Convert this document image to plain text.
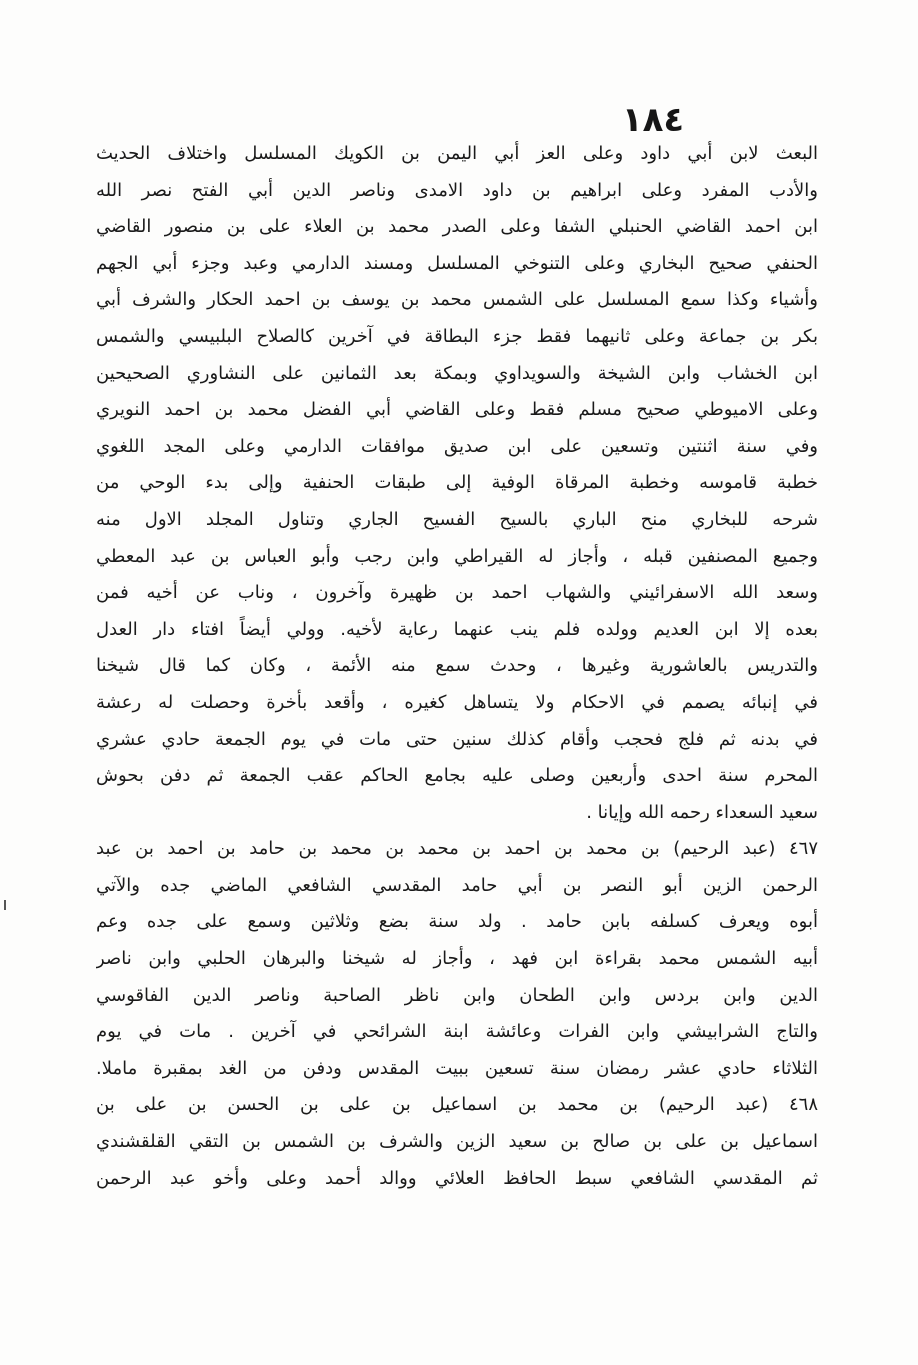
١٨٤
البعث لابن أبي داود وعلى العز أبي اليمن بن الكويك المسلسل واختلاف الحديث
والأدب المفرد وعلى ابراهيم بن داود الامدى وناصر الدين أبي الفتح نصر الله
ابن احمد القاضي الحنبلي الشفا وعلى الصدر محمد بن العلاء على بن منصور القاضي
الحنفي صحيح البخاري وعلى التنوخي المسلسل ومسند الدارمي وعبد وجزء أبي الجهم
وأشياء وكذا سمع المسلسل على الشمس محمد بن يوسف بن احمد الحكار والشرف أبي
بكر بن جماعة وعلى ثانيهما فقط جزء البطاقة في آخرين كالصلاح البلبيسي والشمس
ابن الخشاب وابن الشيخة والسويداوي وبمكة بعد الثمانين على النشاوري الصحيحين
وعلى الاميوطي صحيح مسلم فقط وعلى القاضي أبي الفضل محمد بن احمد النويري
وفي سنة اثنتين وتسعين على ابن صديق موافقات الدارمي وعلى المجد اللغوي
خطبة قاموسه وخطبة المرقاة الوفية إلى طبقات الحنفية وإلى بدء الوحي من
شرحه للبخاري منح الباري بالسيح الفسيح الجاري وتناول المجلد الاول منه
وجميع المصنفين قبله ، وأجاز له القيراطي وابن رجب وأبو العباس بن عبد المعطي
وسعد الله الاسفرائيني والشهاب احمد بن ظهيرة وآخرون ، وناب عن أخيه فمن
بعده إلا ابن العديم وولده فلم ينب عنهما رعاية لأخيه. وولي أيضاً افتاء دار العدل
والتدريس بالعاشورية وغيرها ، وحدث سمع منه الأئمة ، وكان كما قال شيخنا
في إنبائه يصمم في الاحكام ولا يتساهل كغيره ، وأقعد بأخرة وحصلت له رعشة
في بدنه ثم فلج فحجب وأقام كذلك سنين حتى مات في يوم الجمعة حادي عشري
المحرم سنة احدى وأربعين وصلى عليه بجامع الحاكم عقب الجمعة ثم دفن بحوش
سعيد السعداء رحمه الله وإيانا .
٤٦٧ (عبد الرحيم) بن محمد بن احمد بن محمد بن محمد بن حامد بن احمد بن عبد
الرحمن الزين أبو النصر بن أبي حامد المقدسي الشافعي الماضي جده والآتي
أبوه ويعرف كسلفه بابن حامد . ولد سنة بضع وثلاثين وسمع على جده وعم
أبيه الشمس محمد بقراءة ابن فهد ، وأجاز له شيخنا والبرهان الحلبي وابن ناصر
الدين وابن بردس وابن الطحان وابن ناظر الصاحبة وناصر الدين الفاقوسي
والتاج الشرابيشي وابن الفرات وعائشة ابنة الشرائحي في آخرين . مات في يوم
الثلاثاء حادي عشر رمضان سنة تسعين ببيت المقدس ودفن من الغد بمقبرة ماملا.
٤٦٨ (عبد الرحيم) بن محمد بن اسماعيل بن على بن الحسن بن على بن
اسماعيل بن على بن صالح بن سعيد الزين والشرف بن الشمس بن التقي القلقشندي
ثم المقدسي الشافعي سبط الحافظ العلائي ووالد أحمد وعلى وأخو عبد الرحمن
